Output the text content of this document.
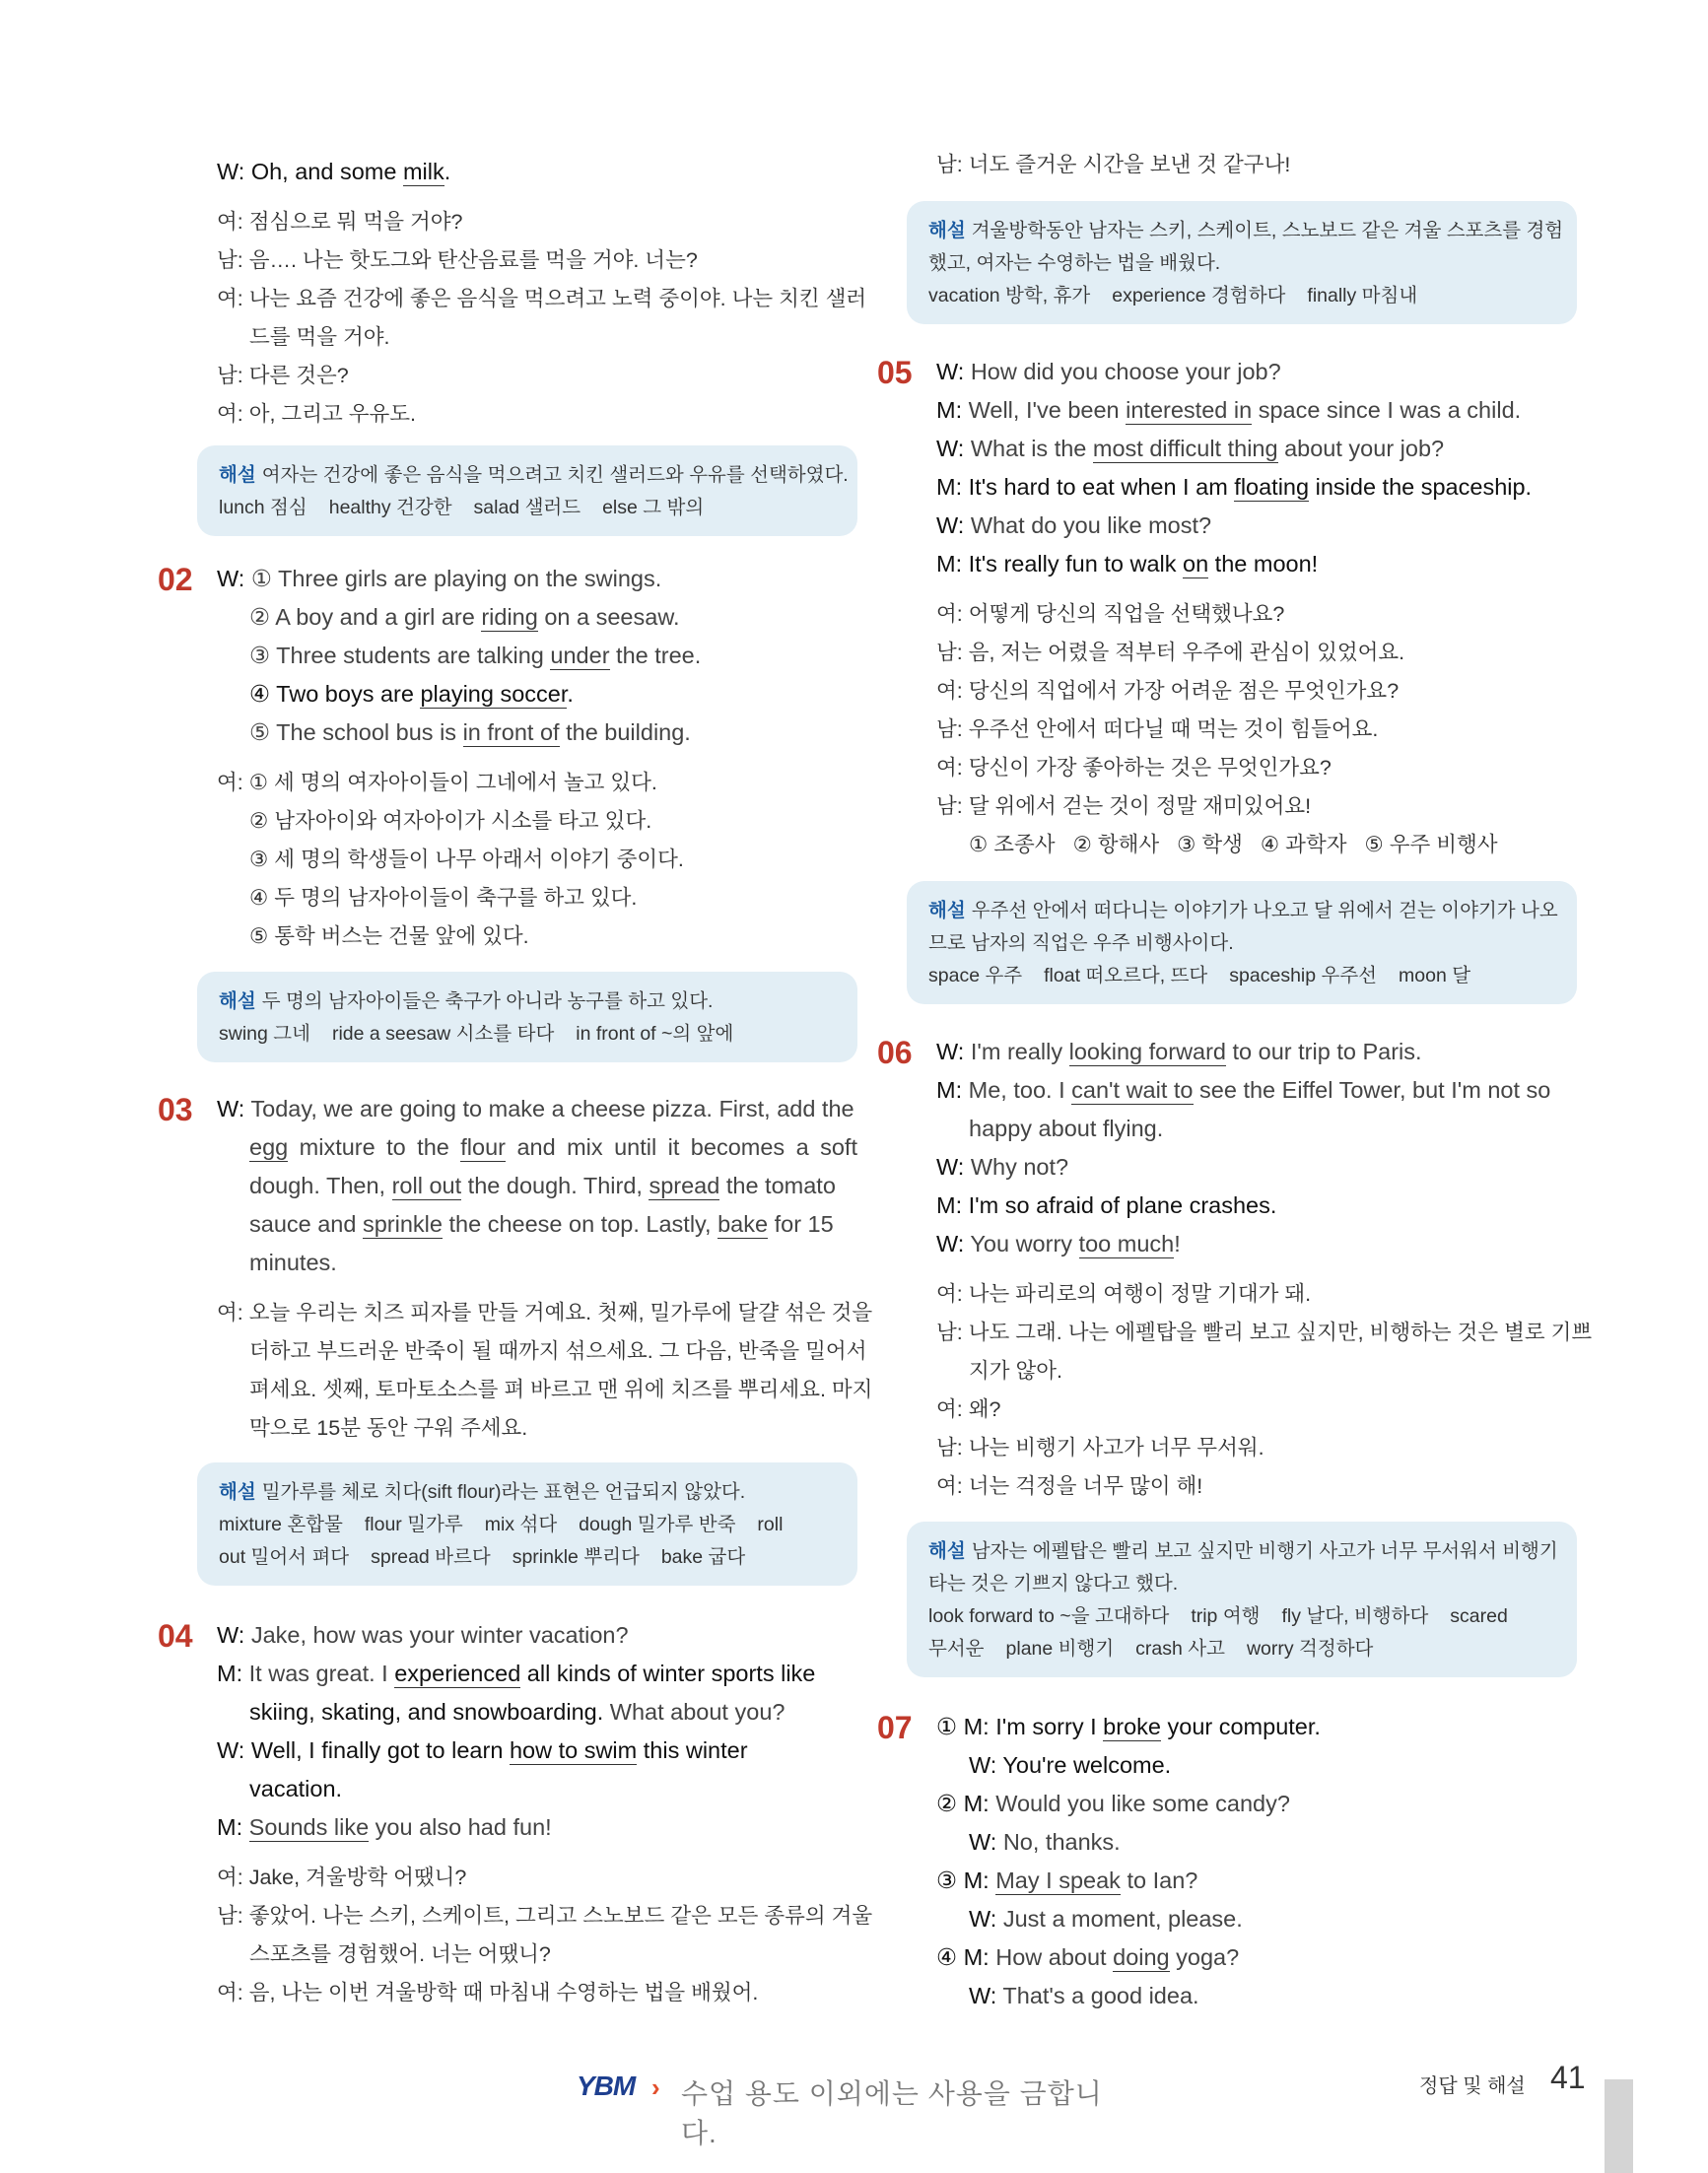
W: Oh, and some milk.
여: 점심으로 뭐 먹을 거야?
남: 음…. 나는 핫도그와 탄산음료를 먹을 거야. 너는?
여: 나는 요즘 건강에 좋은 음식을 먹으려고 노력 중이야. 나는 치킨 샐러
드를 먹을 거야.
남: 다른 것은?
여: 아, 그리고 우유도.
해설 여자는 건강에 좋은 음식을 먹으려고 치킨 샐러드와 우유를 선택하였다.
lunch 점심 healthy 건강한 salad 샐러드 else 그 밖의
02 W: ① Three girls are playing on the swings.
② A boy and a girl are riding on a seesaw.
③ Three students are talking under the tree.
④ Two boys are playing soccer.
⑤ The school bus is in front of the building.
여: ① 세 명의 여자아이들이 그네에서 놀고 있다.
② 남자아이와 여자아이가 시소를 타고 있다.
③ 세 명의 학생들이 나무 아래서 이야기 중이다.
④ 두 명의 남자아이들이 축구를 하고 있다.
⑤ 통학 버스는 건물 앞에 있다.
해설 두 명의 남자아이들은 축구가 아니라 농구를 하고 있다.
swing 그네 ride a seesaw 시소를 타다 in front of ~의 앞에
03 W: Today, we are going to make a cheese pizza. First, add the
egg mixture to the flour and mix until it becomes a soft
dough. Then, roll out the dough. Third, spread the tomato
sauce and sprinkle the cheese on top. Lastly, bake for 15
minutes.
여: 오늘 우리는 치즈 피자를 만들 거예요. 첫째, 밀가루에 달걀 섞은 것을
더하고 부드러운 반죽이 될 때까지 섞으세요. 그 다음, 반죽을 밀어서
펴세요. 셋째, 토마토소스를 펴 바르고 맨 위에 치즈를 뿌리세요. 마지
막으로 15분 동안 구워 주세요.
해설 밀가루를 체로 치다(sift flour)라는 표현은 언급되지 않았다.
mixture 혼합물 flour 밀가루 mix 섞다 dough 밀가루 반죽 roll
out 밀어서 펴다 spread 바르다 sprinkle 뿌리다 bake 굽다
04 W: Jake, how was your winter vacation?
M: It was great. I experienced all kinds of winter sports like
skiing, skating, and snowboarding. What about you?
W: Well, I finally got to learn how to swim this winter
vacation.
M: Sounds like you also had fun!
여: Jake, 겨울방학 어땠니?
남: 좋았어. 나는 스키, 스케이트, 그리고 스노보드 같은 모든 종류의 겨울
스포츠를 경험했어. 너는 어땠니?
여: 음, 나는 이번 겨울방학 때 마침내 수영하는 법을 배웠어.
남: 너도 즐거운 시간을 보낸 것 같구나!
해설 겨울방학동안 남자는 스키, 스케이트, 스노보드 같은 겨울 스포츠를 경험
했고, 여자는 수영하는 법을 배웠다.
vacation 방학, 휴가 experience 경험하다 finally 마침내
05 W: How did you choose your job?
M: Well, I've been interested in space since I was a child.
W: What is the most difficult thing about your job?
M: It's hard to eat when I am floating inside the spaceship.
W: What do you like most?
M: It's really fun to walk on the moon!
여: 어떻게 당신의 직업을 선택했나요?
남: 음, 저는 어렸을 적부터 우주에 관심이 있었어요.
여: 당신의 직업에서 가장 어려운 점은 무엇인가요?
남: 우주선 안에서 떠다닐 때 먹는 것이 힘들어요.
여: 당신이 가장 좋아하는 것은 무엇인가요?
남: 달 위에서 걷는 것이 정말 재미있어요!
① 조종사 ② 항해사 ③ 학생 ④ 과학자 ⑤ 우주 비행사
해설 우주선 안에서 떠다니는 이야기가 나오고 달 위에서 걷는 이야기가 나오
므로 남자의 직업은 우주 비행사이다.
space 우주 float 떠오르다, 뜨다 spaceship 우주선 moon 달
06 W: I'm really looking forward to our trip to Paris.
M: Me, too. I can't wait to see the Eiffel Tower, but I'm not so
happy about flying.
W: Why not?
M: I'm so afraid of plane crashes.
W: You worry too much!
여: 나는 파리로의 여행이 정말 기대가 돼.
남: 나도 그래. 나는 에펠탑을 빨리 보고 싶지만, 비행하는 것은 별로 기쁘
지가 않아.
여: 왜?
남: 나는 비행기 사고가 너무 무서워.
여: 너는 걱정을 너무 많이 해!
해설 남자는 에펠탑은 빨리 보고 싶지만 비행기 사고가 너무 무서워서 비행기
타는 것은 기쁘지 않다고 했다.
look forward to ~을 고대하다 trip 여행 fly 날다, 비행하다 scared
무서운 plane 비행기 crash 사고 worry 걱정하다
07 ① M: I'm sorry I broke your computer.
W: You're welcome.
② M: Would you like some candy?
W: No, thanks.
③ M: May I speak to Ian?
W: Just a moment, please.
④ M: How about doing yoga?
W: That's a good idea.
YBM › 수업 용도 이외에는 사용을 금합니다.
정답 및 해설 41
